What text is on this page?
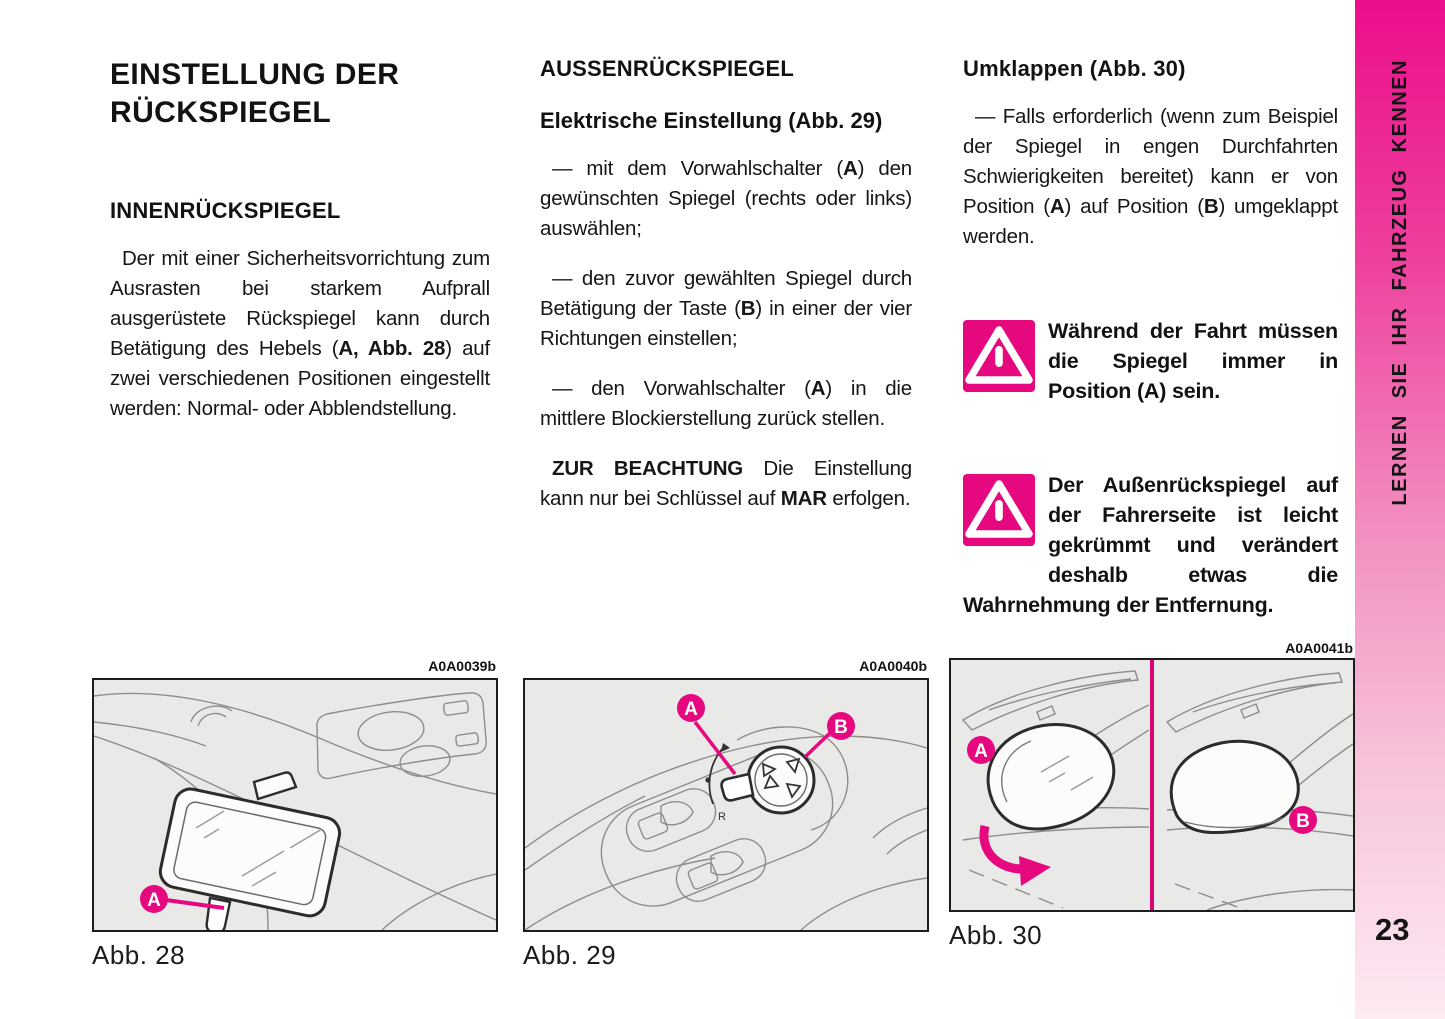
LERNEN SIE IHR FAHRZEUG KENNEN
23
EINSTELLUNG DER
RÜCKSPIEGEL
INNENRÜCKSPIEGEL

Der mit einer Sicherheitsvorrichtung zum Ausrasten bei starkem Aufprall ausgerüstete Rückspiegel kann durch Betätigung des Hebels (A, Abb. 28) auf zwei verschiedenen Positionen eingestellt werden: Normal- oder Abblendstellung.

AUSSENRÜCKSPIEGEL
Elektrische Einstellung (Abb. 29)

— mit dem Vorwahlschalter (A) den gewünschten Spiegel (rechts oder links) auswählen;

— den zuvor gewählten Spiegel durch Betätigung der Taste (B) in einer der vier Richtungen einstellen;

— den Vorwahlschalter (A) in die mittlere Blockierstellung zurück stellen.

ZUR BEACHTUNG Die Einstellung kann nur bei Schlüssel auf MAR erfolgen.

Umklappen (Abb. 30)

— Falls erforderlich (wenn zum Beispiel der Spiegel in engen Durchfahrten Schwierigkeiten bereitet) kann er von Position (A) auf Position (B) umgeklappt werden.

Während der Fahrt müssen die Spiegel immer in Position (A) sein.

Der Außenrückspiegel auf der Fahrerseite ist leicht gekrümmt und verändert deshalb etwas die Wahrnehmung der Entfernung.

A0A0039b
A
Abb. 28
A0A0040b
R
A
B
Abb. 29
A
B
A0A0041b
Abb. 30
